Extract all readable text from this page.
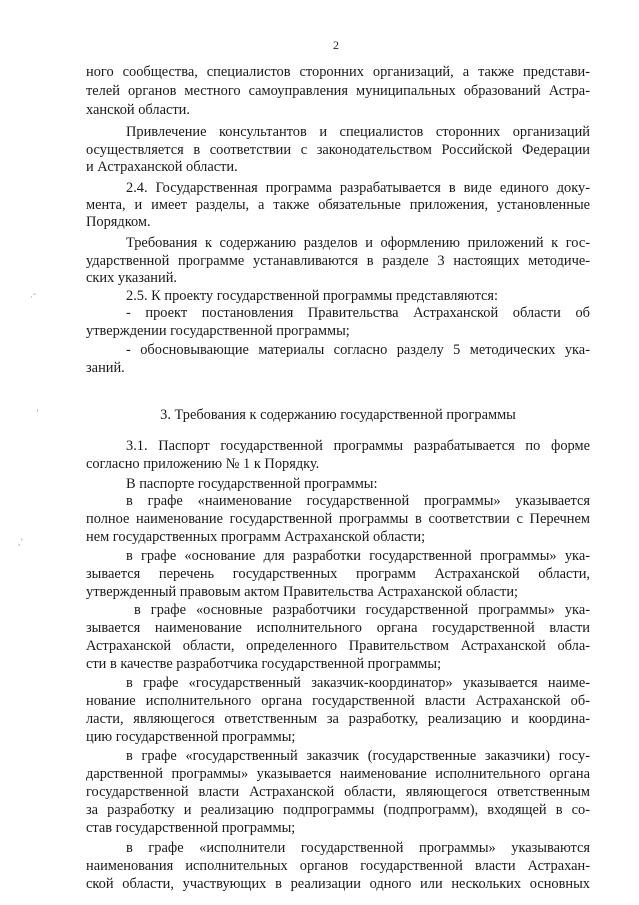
2
·ˆ
ʼ
,ʼ
ного сообщества, специалистов сторонних организаций, а также представи-
телей органов местного самоуправления муниципальных образований Астра-
ханской области.
Привлечение консультантов и специалистов сторонних организаций
осуществляется в соответствии с законодательством Российской Федерации
и Астраханской области.
2.4. Государственная программа разрабатывается в виде единого доку-
мента, и имеет разделы, а также обязательные приложения, установленные
Порядком.
Требования к содержанию разделов и оформлению приложений к гос-
ударственной программе устанавливаются в разделе 3 настоящих методиче-
ских указаний.
2.5. К проекту государственной программы представляются:
- проект постановления Правительства Астраханской области об
утверждении государственной программы;
- обосновывающие материалы согласно разделу 5 методических ука-
заний.
3. Требования к содержанию государственной программы
3.1. Паспорт государственной программы разрабатывается по форме
согласно приложению № 1 к Порядку.
В паспорте государственной программы:
в графе «наименование государственной программы» указывается
полное наименование государственной программы в соответствии с Перечнем
нем государственных программ Астраханской области;
в графе «основание для разработки государственной программы» ука-
зывается перечень государственных программ Астраханской области,
утвержденный правовым актом Правительства Астраханской области;
в графе «основные разработчики государственной программы» ука-
зывается наименование исполнительного органа государственной власти
Астраханской области, определенного Правительством Астраханской обла-
сти в качестве разработчика государственной программы;
в графе «государственный заказчик-координатор» указывается наиме-
нование исполнительного органа государственной власти Астраханской об-
ласти, являющегося ответственным за разработку, реализацию и координа-
цию государственной программы;
в графе «государственный заказчик (государственные заказчики) госу-
дарственной программы» указывается наименование исполнительного органа
государственной власти Астраханской области, являющегося ответственным
за разработку и реализацию подпрограммы (подпрограмм), входящей в со-
став государственной программы;
в графе «исполнители государственной программы» указываются
наименования исполнительных органов государственной власти Астрахан-
ской области, участвующих в реализации одного или нескольких основных
